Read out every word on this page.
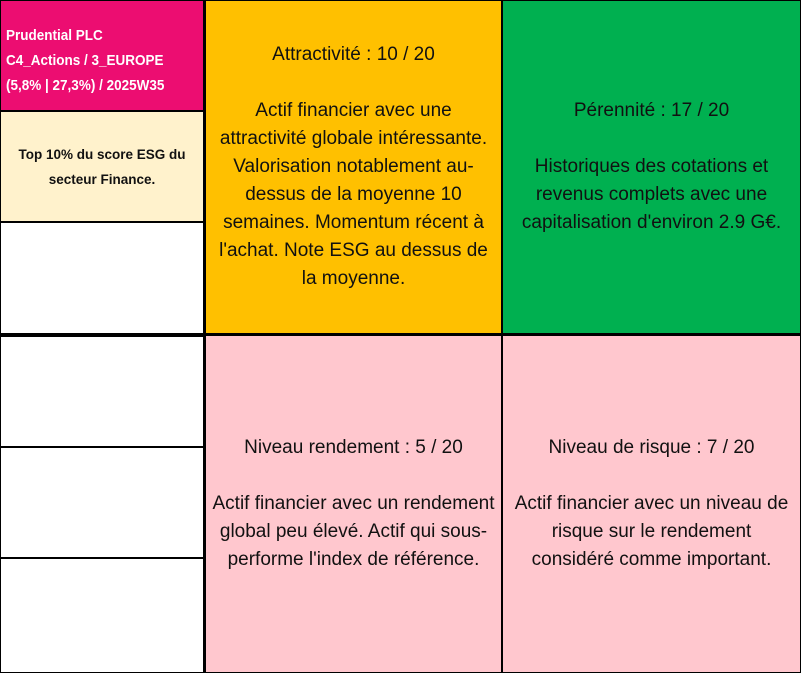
Prudential PLC
C4_Actions / 3_EUROPE
(5,8% | 27,3%) / 2025W35
Top 10% du score ESG du secteur Finance.
Attractivité : 10 / 20
Actif financier avec une attractivité globale intéressante. Valorisation notablement au-dessus de la moyenne 10 semaines. Momentum récent à l'achat. Note ESG au dessus de la moyenne.
Pérennité : 17 / 20
Historiques des cotations et revenus complets avec une capitalisation d'environ 2.9 G€.
Niveau rendement : 5 / 20
Actif financier avec un rendement global peu élevé. Actif qui sous-performe l'index de référence.
Niveau de risque : 7 / 20
Actif financier avec un niveau de risque sur le rendement considéré comme important.
